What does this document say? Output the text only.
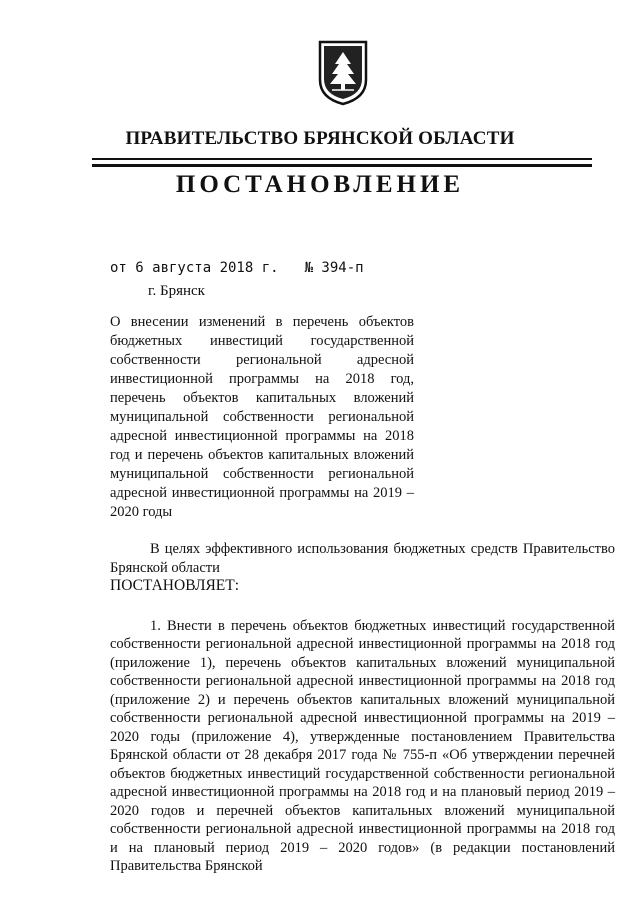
ПРАВИТЕЛЬСТВО БРЯНСКОЙ ОБЛАСТИ
ПОСТАНОВЛЕНИЕ
от 6 августа 2018 г. № 394-п
г. Брянск
О внесении изменений в перечень объектов бюджетных инвестиций государственной собственности региональной адресной инвестиционной программы на 2018 год, перечень объектов капитальных вложений муниципальной собственности региональной адресной инвестиционной программы на 2018 год и перечень объектов капитальных вложений муниципальной собственности региональной адресной инвестиционной программы на 2019 – 2020 годы

В целях эффективного использования бюджетных средств Правительство Брянской области

ПОСТАНОВЛЯЕТ:

1. Внести в перечень объектов бюджетных инвестиций государственной собственности региональной адресной инвестиционной программы на 2018 год (приложение 1), перечень объектов капитальных вложений муниципальной собственности региональной адресной инвестиционной программы на 2018 год (приложение 2) и перечень объектов капитальных вложений муниципальной собственности региональной адресной инвестиционной программы на 2019 – 2020 годы (приложение 4), утвержденные постановлением Правительства Брянской области от 28 декабря 2017 года № 755-п «Об утверждении перечней объектов бюджетных инвестиций государственной собственности региональной адресной инвестиционной программы на 2018 год и на плановый период 2019 – 2020 годов и перечней объектов капитальных вложений муниципальной собственности региональной адресной инвестиционной программы на 2018 год и на плановый период 2019 – 2020 годов» (в редакции постановлений Правительства Брянской
